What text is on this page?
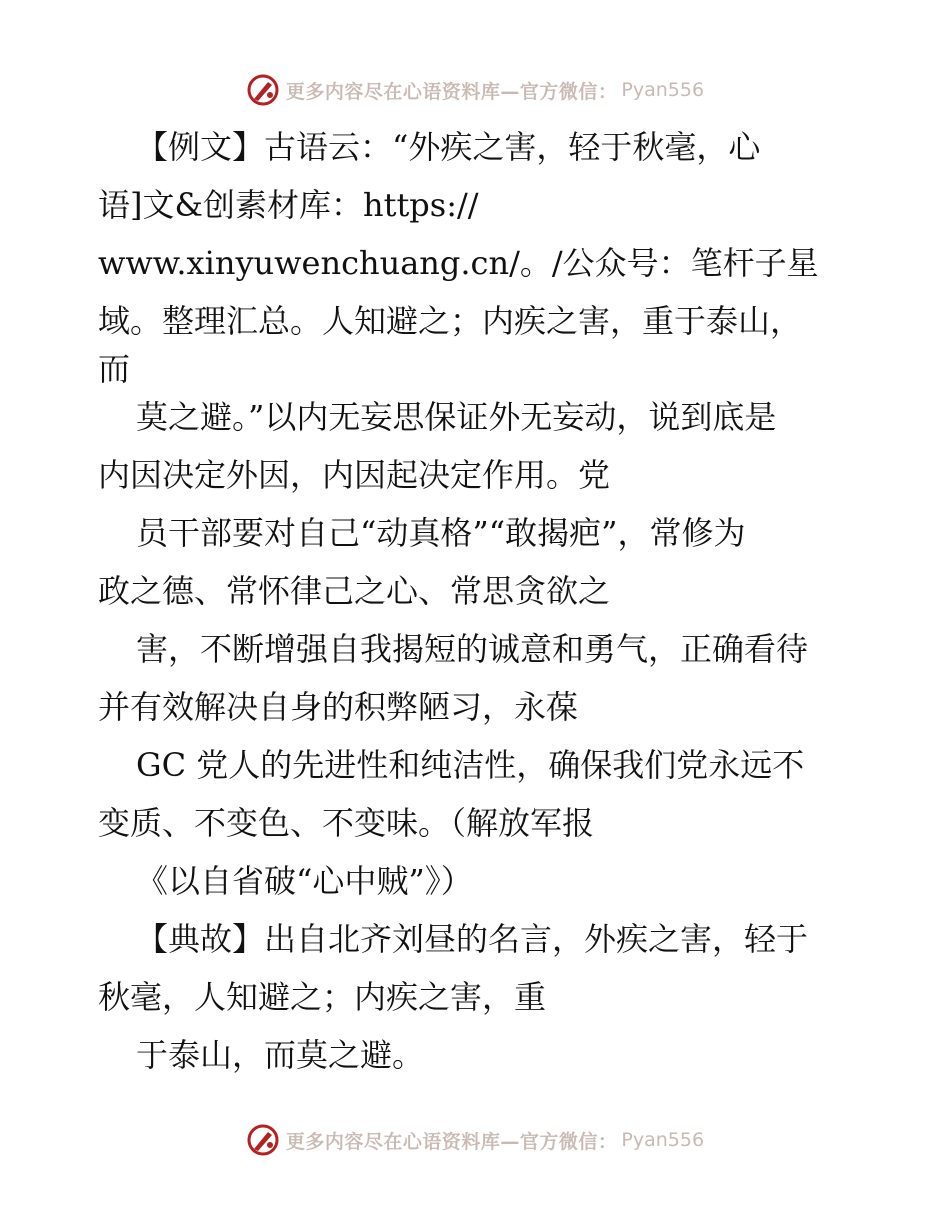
更多内容尽在心语资料库—官方微信： Pyan556
【例文】古语云：“外疾之害，轻于秋毫，心
语]文&创素材库：https://
www.xinyuwenchuang.cn/。/公众号：笔杆子星
域。整理汇总。人知避之；内疾之害，重于泰山，
而
莫之避。”以内无妄思保证外无妄动，说到底是
内因决定外因，内因起决定作用。党
员干部要对自己“动真格”“敢揭疤”，常修为
政之德、常怀律己之心、常思贪欲之
害，不断增强自我揭短的诚意和勇气，正确看待
并有效解决自身的积弊陋习，永葆
GC 党人的先进性和纯洁性，确保我们党永远不
变质、不变色、不变味。（解放军报
《以自省破“心中贼”》）
【典故】出自北齐刘昼的名言，外疾之害，轻于
秋毫，人知避之；内疾之害，重
于泰山，而莫之避。
更多内容尽在心语资料库—官方微信： Pyan556
